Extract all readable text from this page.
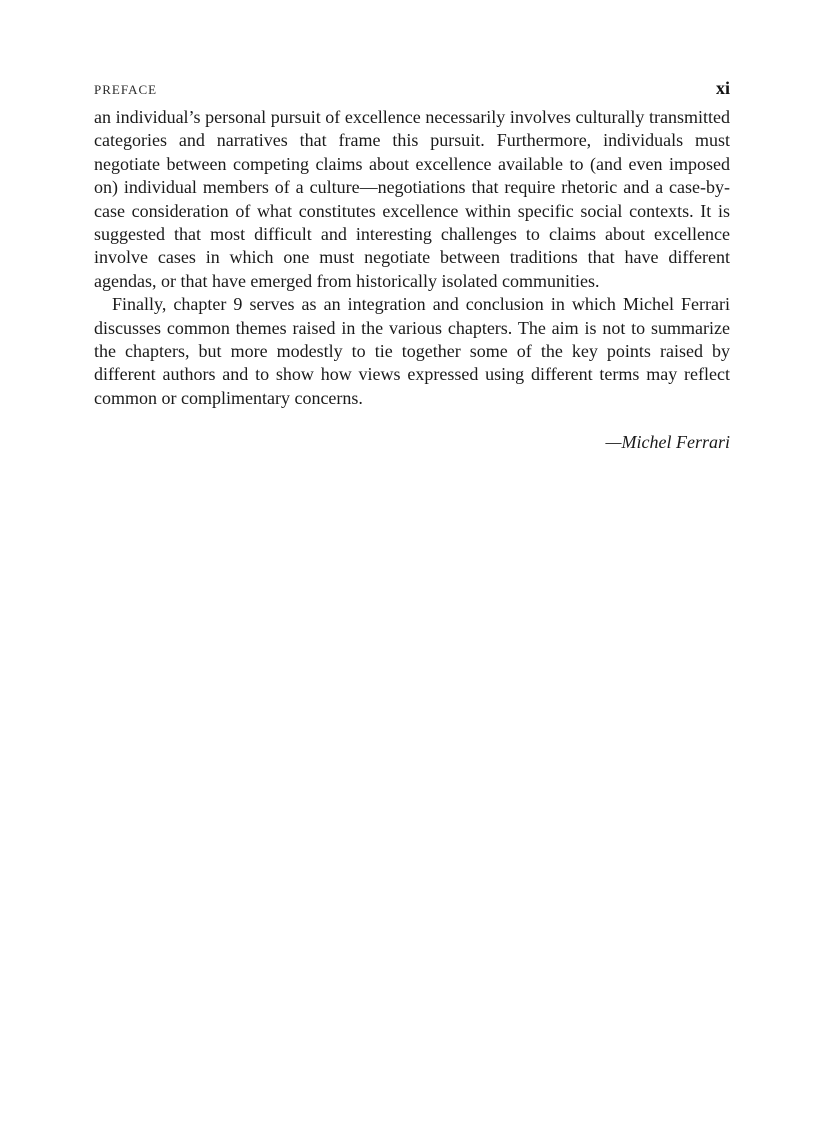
PREFACE	xi

an individual’s personal pursuit of excellence necessarily involves culturally transmitted categories and narratives that frame this pursuit. Furthermore, individuals must negotiate between competing claims about excellence available to (and even imposed on) individual members of a culture—negotiations that require rhetoric and a case-by-case consideration of what constitutes excellence within specific social contexts. It is suggested that most difficult and interesting challenges to claims about excellence involve cases in which one must negotiate between traditions that have different agendas, or that have emerged from historically isolated communities.

Finally, chapter 9 serves as an integration and conclusion in which Michel Ferrari discusses common themes raised in the various chapters. The aim is not to summarize the chapters, but more modestly to tie together some of the key points raised by different authors and to show how views expressed using different terms may reflect common or complimentary concerns.

—Michel Ferrari
